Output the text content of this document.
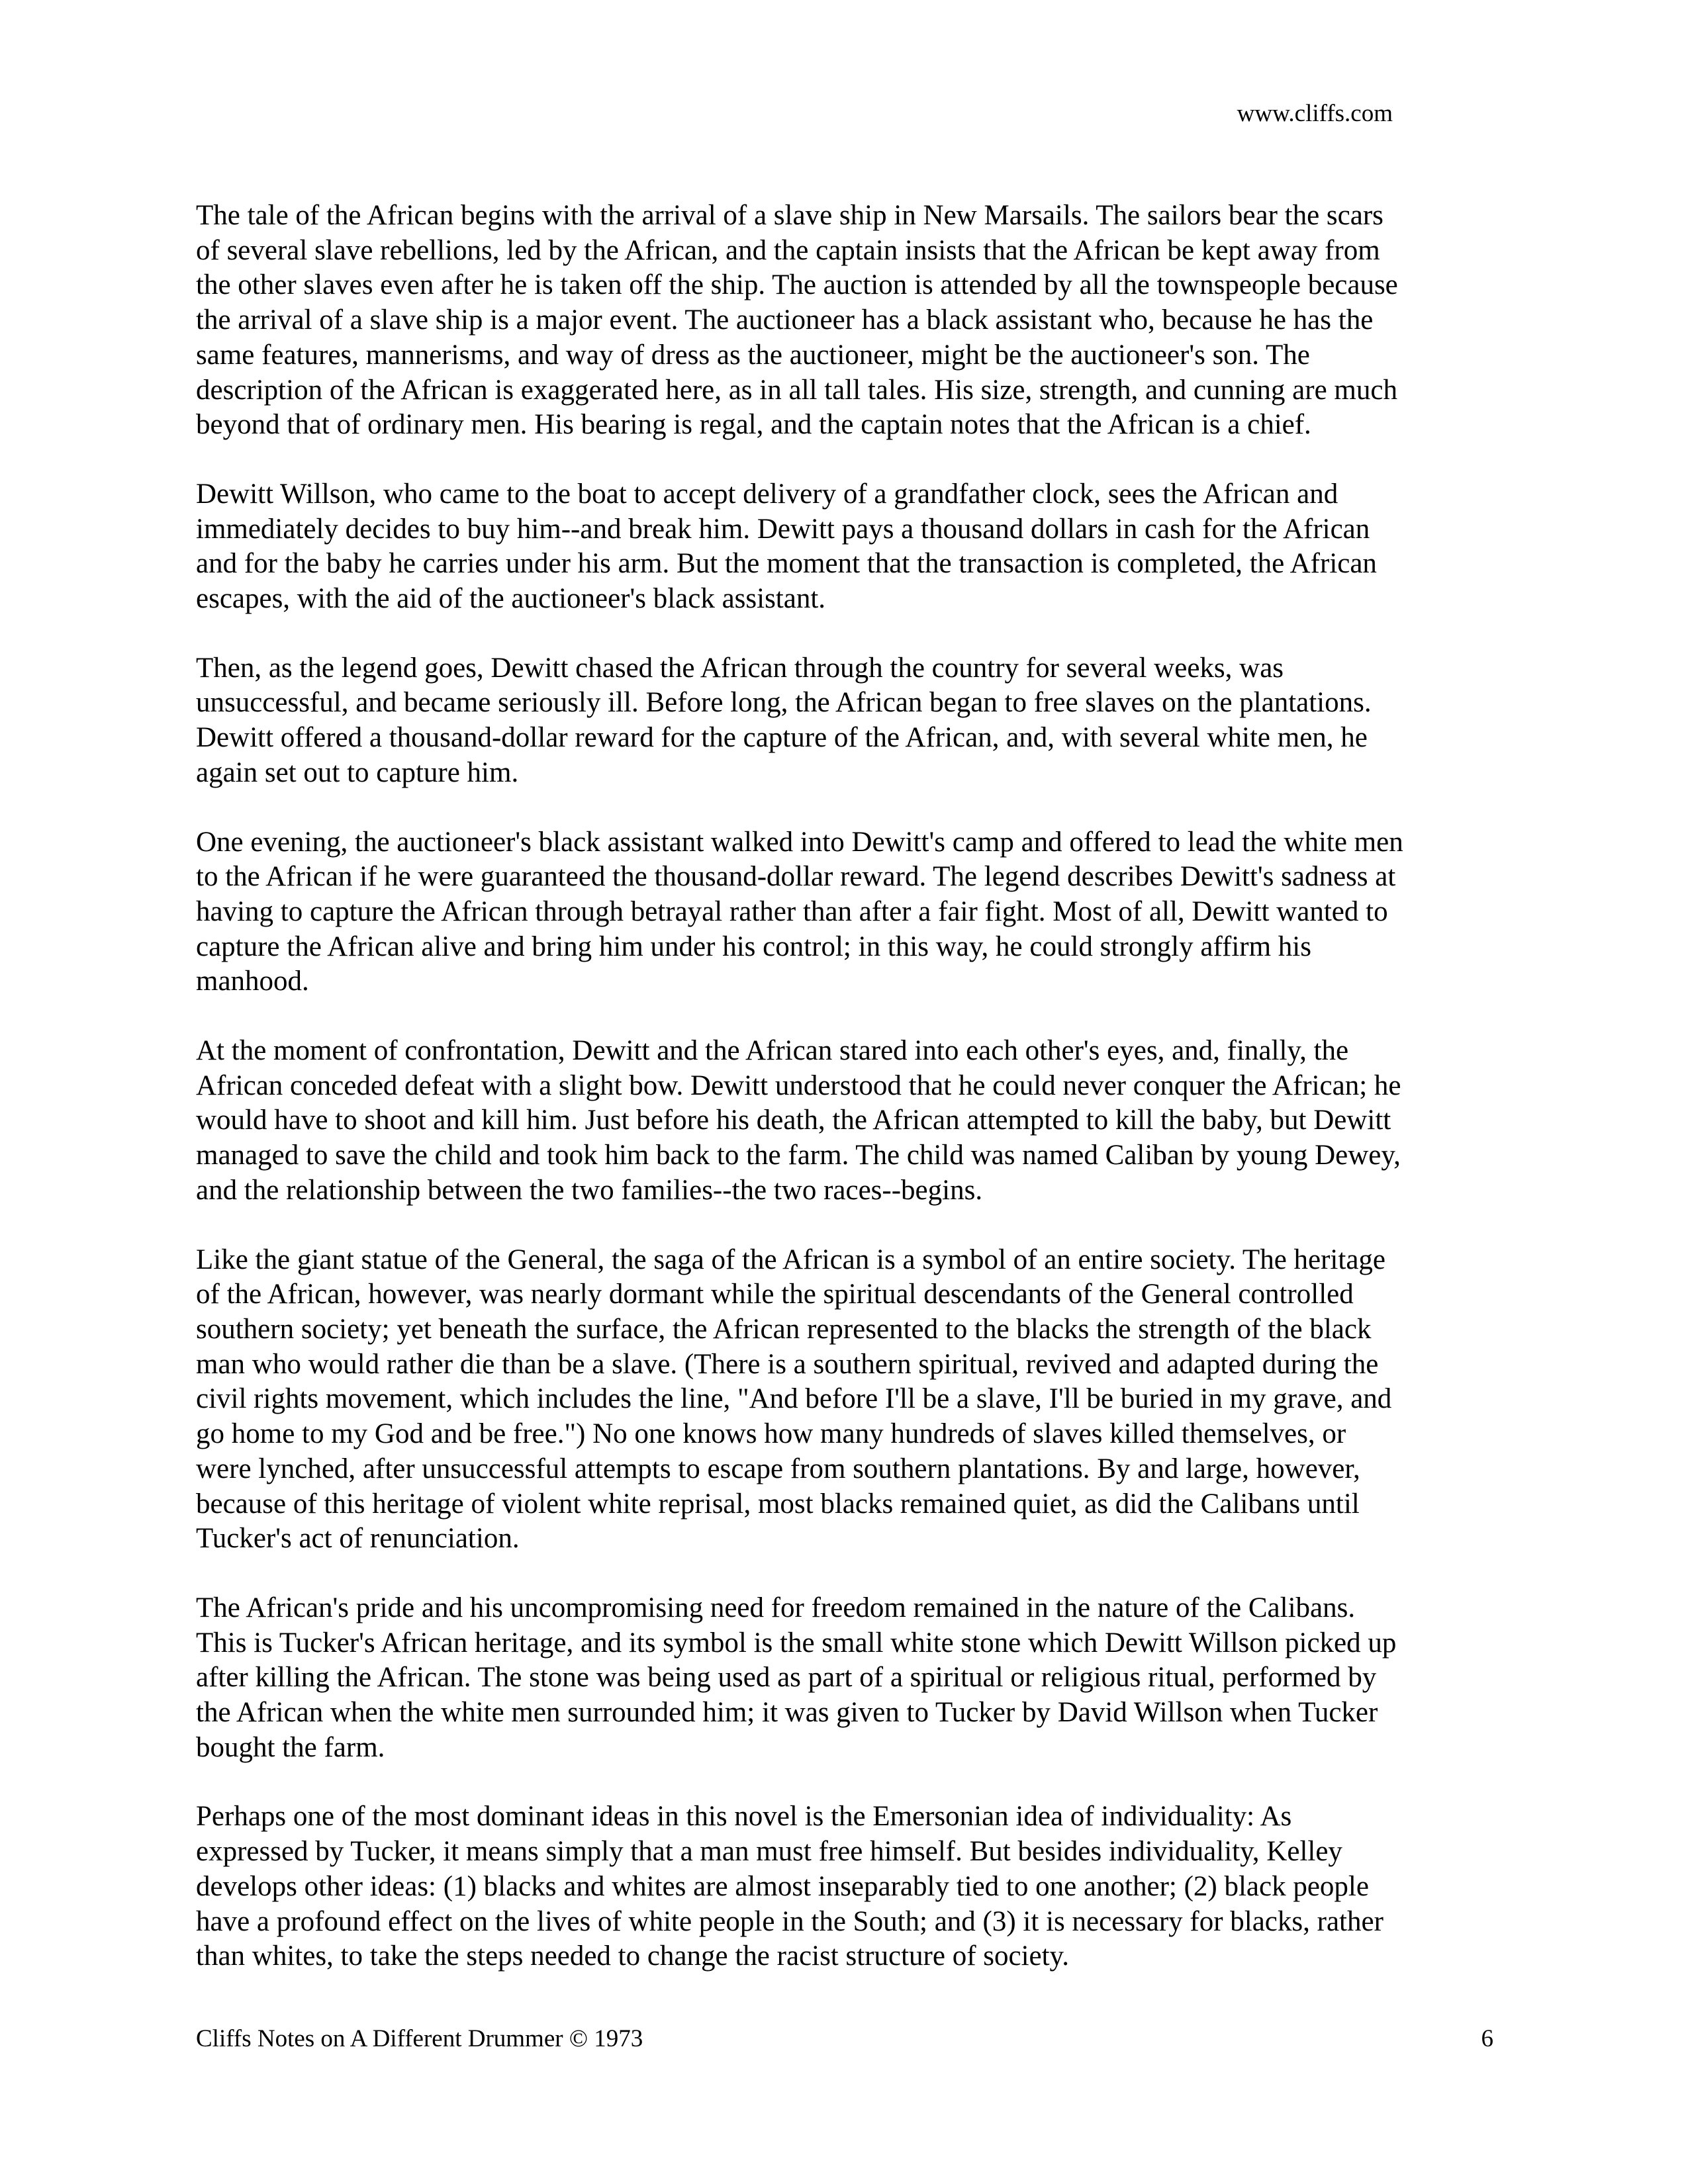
www.cliffs.com

The tale of the African begins with the arrival of a slave ship in New Marsails. The sailors bear the scars
of several slave rebellions, led by the African, and the captain insists that the African be kept away from
the other slaves even after he is taken off the ship. The auction is attended by all the townspeople because
the arrival of a slave ship is a major event. The auctioneer has a black assistant who, because he has the
same features, mannerisms, and way of dress as the auctioneer, might be the auctioneer's son. The
description of the African is exaggerated here, as in all tall tales. His size, strength, and cunning are much
beyond that of ordinary men. His bearing is regal, and the captain notes that the African is a chief.

Dewitt Willson, who came to the boat to accept delivery of a grandfather clock, sees the African and
immediately decides to buy him--and break him. Dewitt pays a thousand dollars in cash for the African
and for the baby he carries under his arm. But the moment that the transaction is completed, the African
escapes, with the aid of the auctioneer's black assistant.

Then, as the legend goes, Dewitt chased the African through the country for several weeks, was
unsuccessful, and became seriously ill. Before long, the African began to free slaves on the plantations.
Dewitt offered a thousand-dollar reward for the capture of the African, and, with several white men, he
again set out to capture him.

One evening, the auctioneer's black assistant walked into Dewitt's camp and offered to lead the white men
to the African if he were guaranteed the thousand-dollar reward. The legend describes Dewitt's sadness at
having to capture the African through betrayal rather than after a fair fight. Most of all, Dewitt wanted to
capture the African alive and bring him under his control; in this way, he could strongly affirm his
manhood.

At the moment of confrontation, Dewitt and the African stared into each other's eyes, and, finally, the
African conceded defeat with a slight bow. Dewitt understood that he could never conquer the African; he
would have to shoot and kill him. Just before his death, the African attempted to kill the baby, but Dewitt
managed to save the child and took him back to the farm. The child was named Caliban by young Dewey,
and the relationship between the two families--the two races--begins.

Like the giant statue of the General, the saga of the African is a symbol of an entire society. The heritage
of the African, however, was nearly dormant while the spiritual descendants of the General controlled
southern society; yet beneath the surface, the African represented to the blacks the strength of the black
man who would rather die than be a slave. (There is a southern spiritual, revived and adapted during the
civil rights movement, which includes the line, "And before I'll be a slave, I'll be buried in my grave, and
go home to my God and be free.") No one knows how many hundreds of slaves killed themselves, or
were lynched, after unsuccessful attempts to escape from southern plantations. By and large, however,
because of this heritage of violent white reprisal, most blacks remained quiet, as did the Calibans until
Tucker's act of renunciation.

The African's pride and his uncompromising need for freedom remained in the nature of the Calibans.
This is Tucker's African heritage, and its symbol is the small white stone which Dewitt Willson picked up
after killing the African. The stone was being used as part of a spiritual or religious ritual, performed by
the African when the white men surrounded him; it was given to Tucker by David Willson when Tucker
bought the farm.

Perhaps one of the most dominant ideas in this novel is the Emersonian idea of individuality: As
expressed by Tucker, it means simply that a man must free himself. But besides individuality, Kelley
develops other ideas: (1) blacks and whites are almost inseparably tied to one another; (2) black people
have a profound effect on the lives of white people in the South; and (3) it is necessary for blacks, rather
than whites, to take the steps needed to change the racist structure of society.

Cliffs Notes on A Different Drummer © 1973	6
